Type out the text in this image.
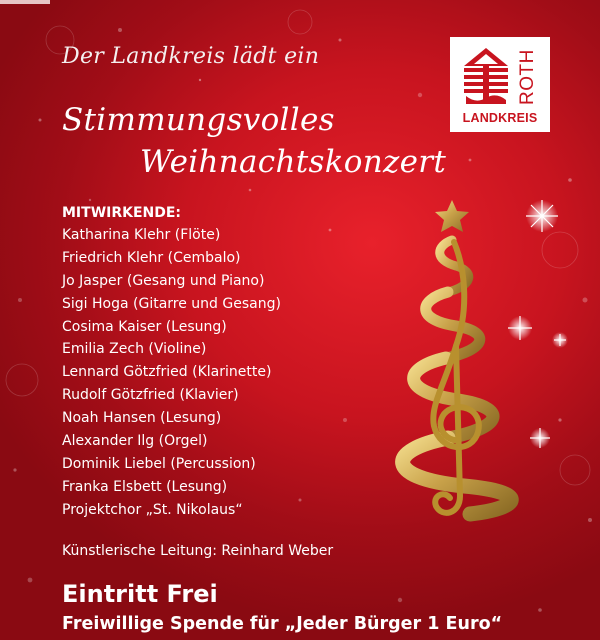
Der Landkreis lädt ein
Stimmungsvolles
Weihnachtskonzert
ROTH
LANDKREIS
MITWIRKENDE:
Katharina Klehr (Flöte)
Friedrich Klehr (Cembalo)
Jo Jasper (Gesang und Piano)
Sigi Hoga (Gitarre und Gesang)
Cosima Kaiser (Lesung)
Emilia Zech (Violine)
Lennard Götzfried (Klarinette)
Rudolf Götzfried (Klavier)
Noah Hansen (Lesung)
Alexander Ilg (Orgel)
Dominik Liebel (Percussion)
Franka Elsbett (Lesung)
Projektchor „St. Nikolaus“
Künstlerische Leitung: Reinhard Weber
Eintritt Frei
Freiwillige Spende für „Jeder Bürger 1 Euro“
